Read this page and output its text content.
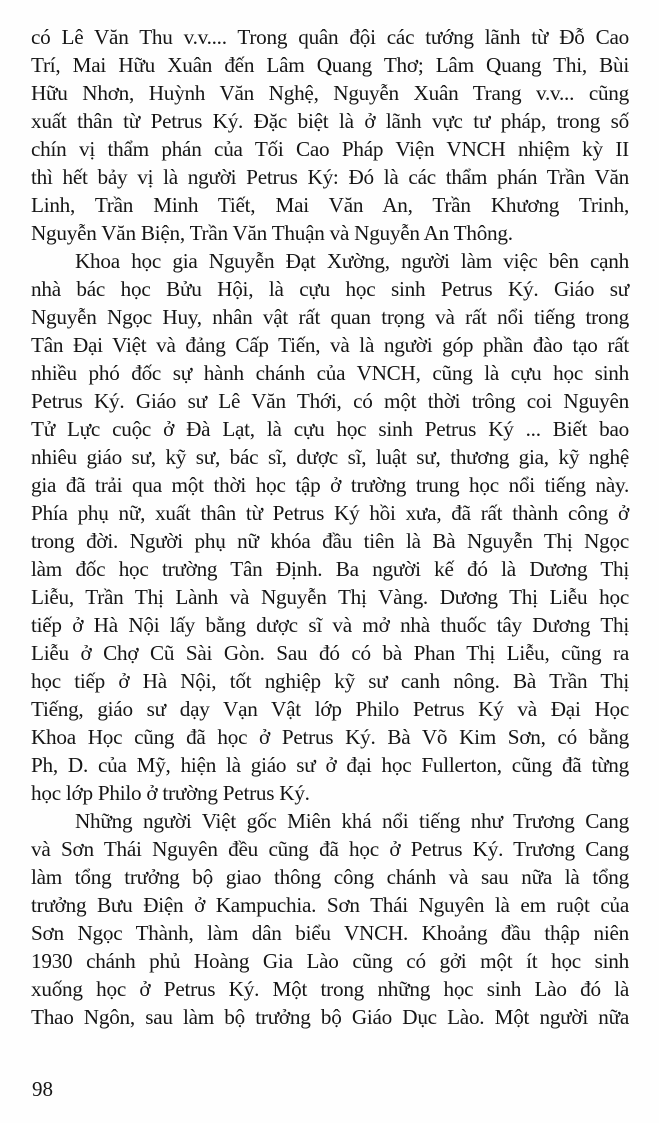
có Lê Văn Thu v.v.... Trong quân đội các tướng lãnh từ Đỗ Cao
Trí, Mai Hữu Xuân đến Lâm Quang Thơ; Lâm Quang Thi, Bùi
Hữu Nhơn, Huỳnh Văn Nghệ, Nguyễn Xuân Trang v.v... cũng
xuất thân từ Petrus Ký. Đặc biệt là ở lãnh vực tư pháp, trong số
chín vị thẩm phán của Tối Cao Pháp Viện VNCH nhiệm kỳ II
thì hết bảy vị là người Petrus Ký: Đó là các thẩm phán Trần Văn
Linh, Trần Minh Tiết, Mai Văn An, Trần Khương Trinh,
Nguyễn Văn Biện, Trần Văn Thuận và Nguyễn An Thông.
Khoa học gia Nguyễn Đạt Xường, người làm việc bên cạnh
nhà bác học Bửu Hội, là cựu học sinh Petrus Ký. Giáo sư
Nguyễn Ngọc Huy, nhân vật rất quan trọng và rất nổi tiếng trong
Tân Đại Việt và đảng Cấp Tiến, và là người góp phần đào tạo rất
nhiều phó đốc sự hành chánh của VNCH, cũng là cựu học sinh
Petrus Ký. Giáo sư Lê Văn Thới, có một thời trông coi Nguyên
Tử Lực cuộc ở Đà Lạt, là cựu học sinh Petrus Ký ... Biết bao
nhiêu giáo sư, kỹ sư, bác sĩ, dược sĩ, luật sư, thương gia, kỹ nghệ
gia đã trải qua một thời học tập ở trường trung học nổi tiếng này.
Phía phụ nữ, xuất thân từ Petrus Ký hồi xưa, đã rất thành công ở
trong đời. Người phụ nữ khóa đầu tiên là Bà Nguyễn Thị Ngọc
làm đốc học trường Tân Định. Ba người kế đó là Dương Thị
Liễu, Trần Thị Lành và Nguyễn Thị Vàng. Dương Thị Liễu học
tiếp ở Hà Nội lấy bằng dược sĩ và mở nhà thuốc tây Dương Thị
Liễu ở Chợ Cũ Sài Gòn. Sau đó có bà Phan Thị Liễu, cũng ra
học tiếp ở Hà Nội, tốt nghiệp kỹ sư canh nông. Bà Trần Thị
Tiếng, giáo sư dạy Vạn Vật lớp Philo Petrus Ký và Đại Học
Khoa Học cũng đã học ở Petrus Ký. Bà Võ Kim Sơn, có bằng
Ph, D. của Mỹ, hiện là giáo sư ở đại học Fullerton, cũng đã từng
học lớp Philo ở trường Petrus Ký.
Những người Việt gốc Miên khá nổi tiếng như Trương Cang
và Sơn Thái Nguyên đều cũng đã học ở Petrus Ký. Trương Cang
làm tổng trưởng bộ giao thông công chánh và sau nữa là tổng
trưởng Bưu Điện ở Kampuchia. Sơn Thái Nguyên là em ruột của
Sơn Ngọc Thành, làm dân biểu VNCH. Khoảng đầu thập niên
1930 chánh phủ Hoàng Gia Lào cũng có gởi một ít học sinh
xuống học ở Petrus Ký. Một trong những học sinh Lào đó là
Thao Ngôn, sau làm bộ trưởng bộ Giáo Dục Lào. Một người nữa
98
